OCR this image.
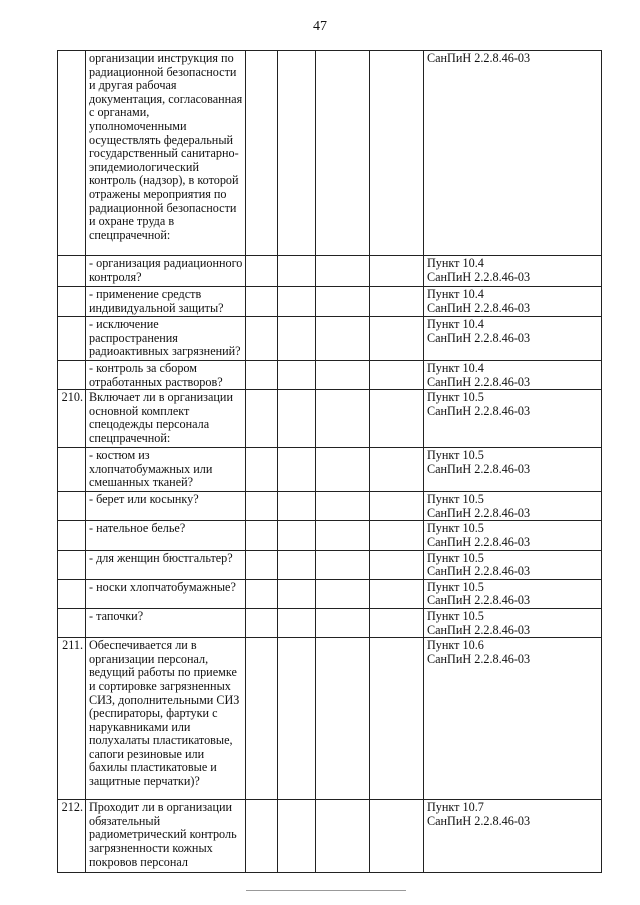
47
	организации инструкция по радиационной безопасности и другая рабочая документация, согласованная с органами, уполномоченными осуществлять федеральный государственный санитарно-эпидемиологический контроль (надзор), в которой отражены мероприятия по радиационной безопасности и охране труда в спецпрачечной:					СанПиН 2.2.8.46-03

	- организация радиационного контроля?					Пункт 10.4
СанПиН 2.2.8.46-03

	- применение средств индивидуальной защиты?					Пункт 10.4
СанПиН 2.2.8.46-03

	- исключение распространения радиоактивных загрязнений?					Пункт 10.4
СанПиН 2.2.8.46-03

	- контроль за сбором отработанных растворов?					Пункт 10.4
СанПиН 2.2.8.46-03

210.	Включает ли в организации основной комплект спецодежды персонала спецпрачечной:					Пункт 10.5
СанПиН 2.2.8.46-03

	- костюм из хлопчатобумажных или смешанных тканей?					Пункт 10.5
СанПиН 2.2.8.46-03

	- берет или косынку?					Пункт 10.5
СанПиН 2.2.8.46-03

	- нательное белье?					Пункт 10.5
СанПиН 2.2.8.46-03

	- для женщин бюстгальтер?					Пункт 10.5
СанПиН 2.2.8.46-03

	- носки хлопчатобумажные?					Пункт 10.5
СанПиН 2.2.8.46-03

	- тапочки?					Пункт 10.5
СанПиН 2.2.8.46-03

211.	Обеспечивается ли в организации персонал, ведущий работы по приемке и сортировке загрязненных СИЗ, дополнительными СИЗ (респираторы, фартуки с нарукавниками или полухалаты пластикатовые, сапоги резиновые или бахилы пластикатовые и защитные перчатки)?					Пункт 10.6
СанПиН 2.2.8.46-03

212.	Проходит ли в организации обязательный радиометрический контроль загрязненности кожных покровов персонал					Пункт 10.7
СанПиН 2.2.8.46-03
